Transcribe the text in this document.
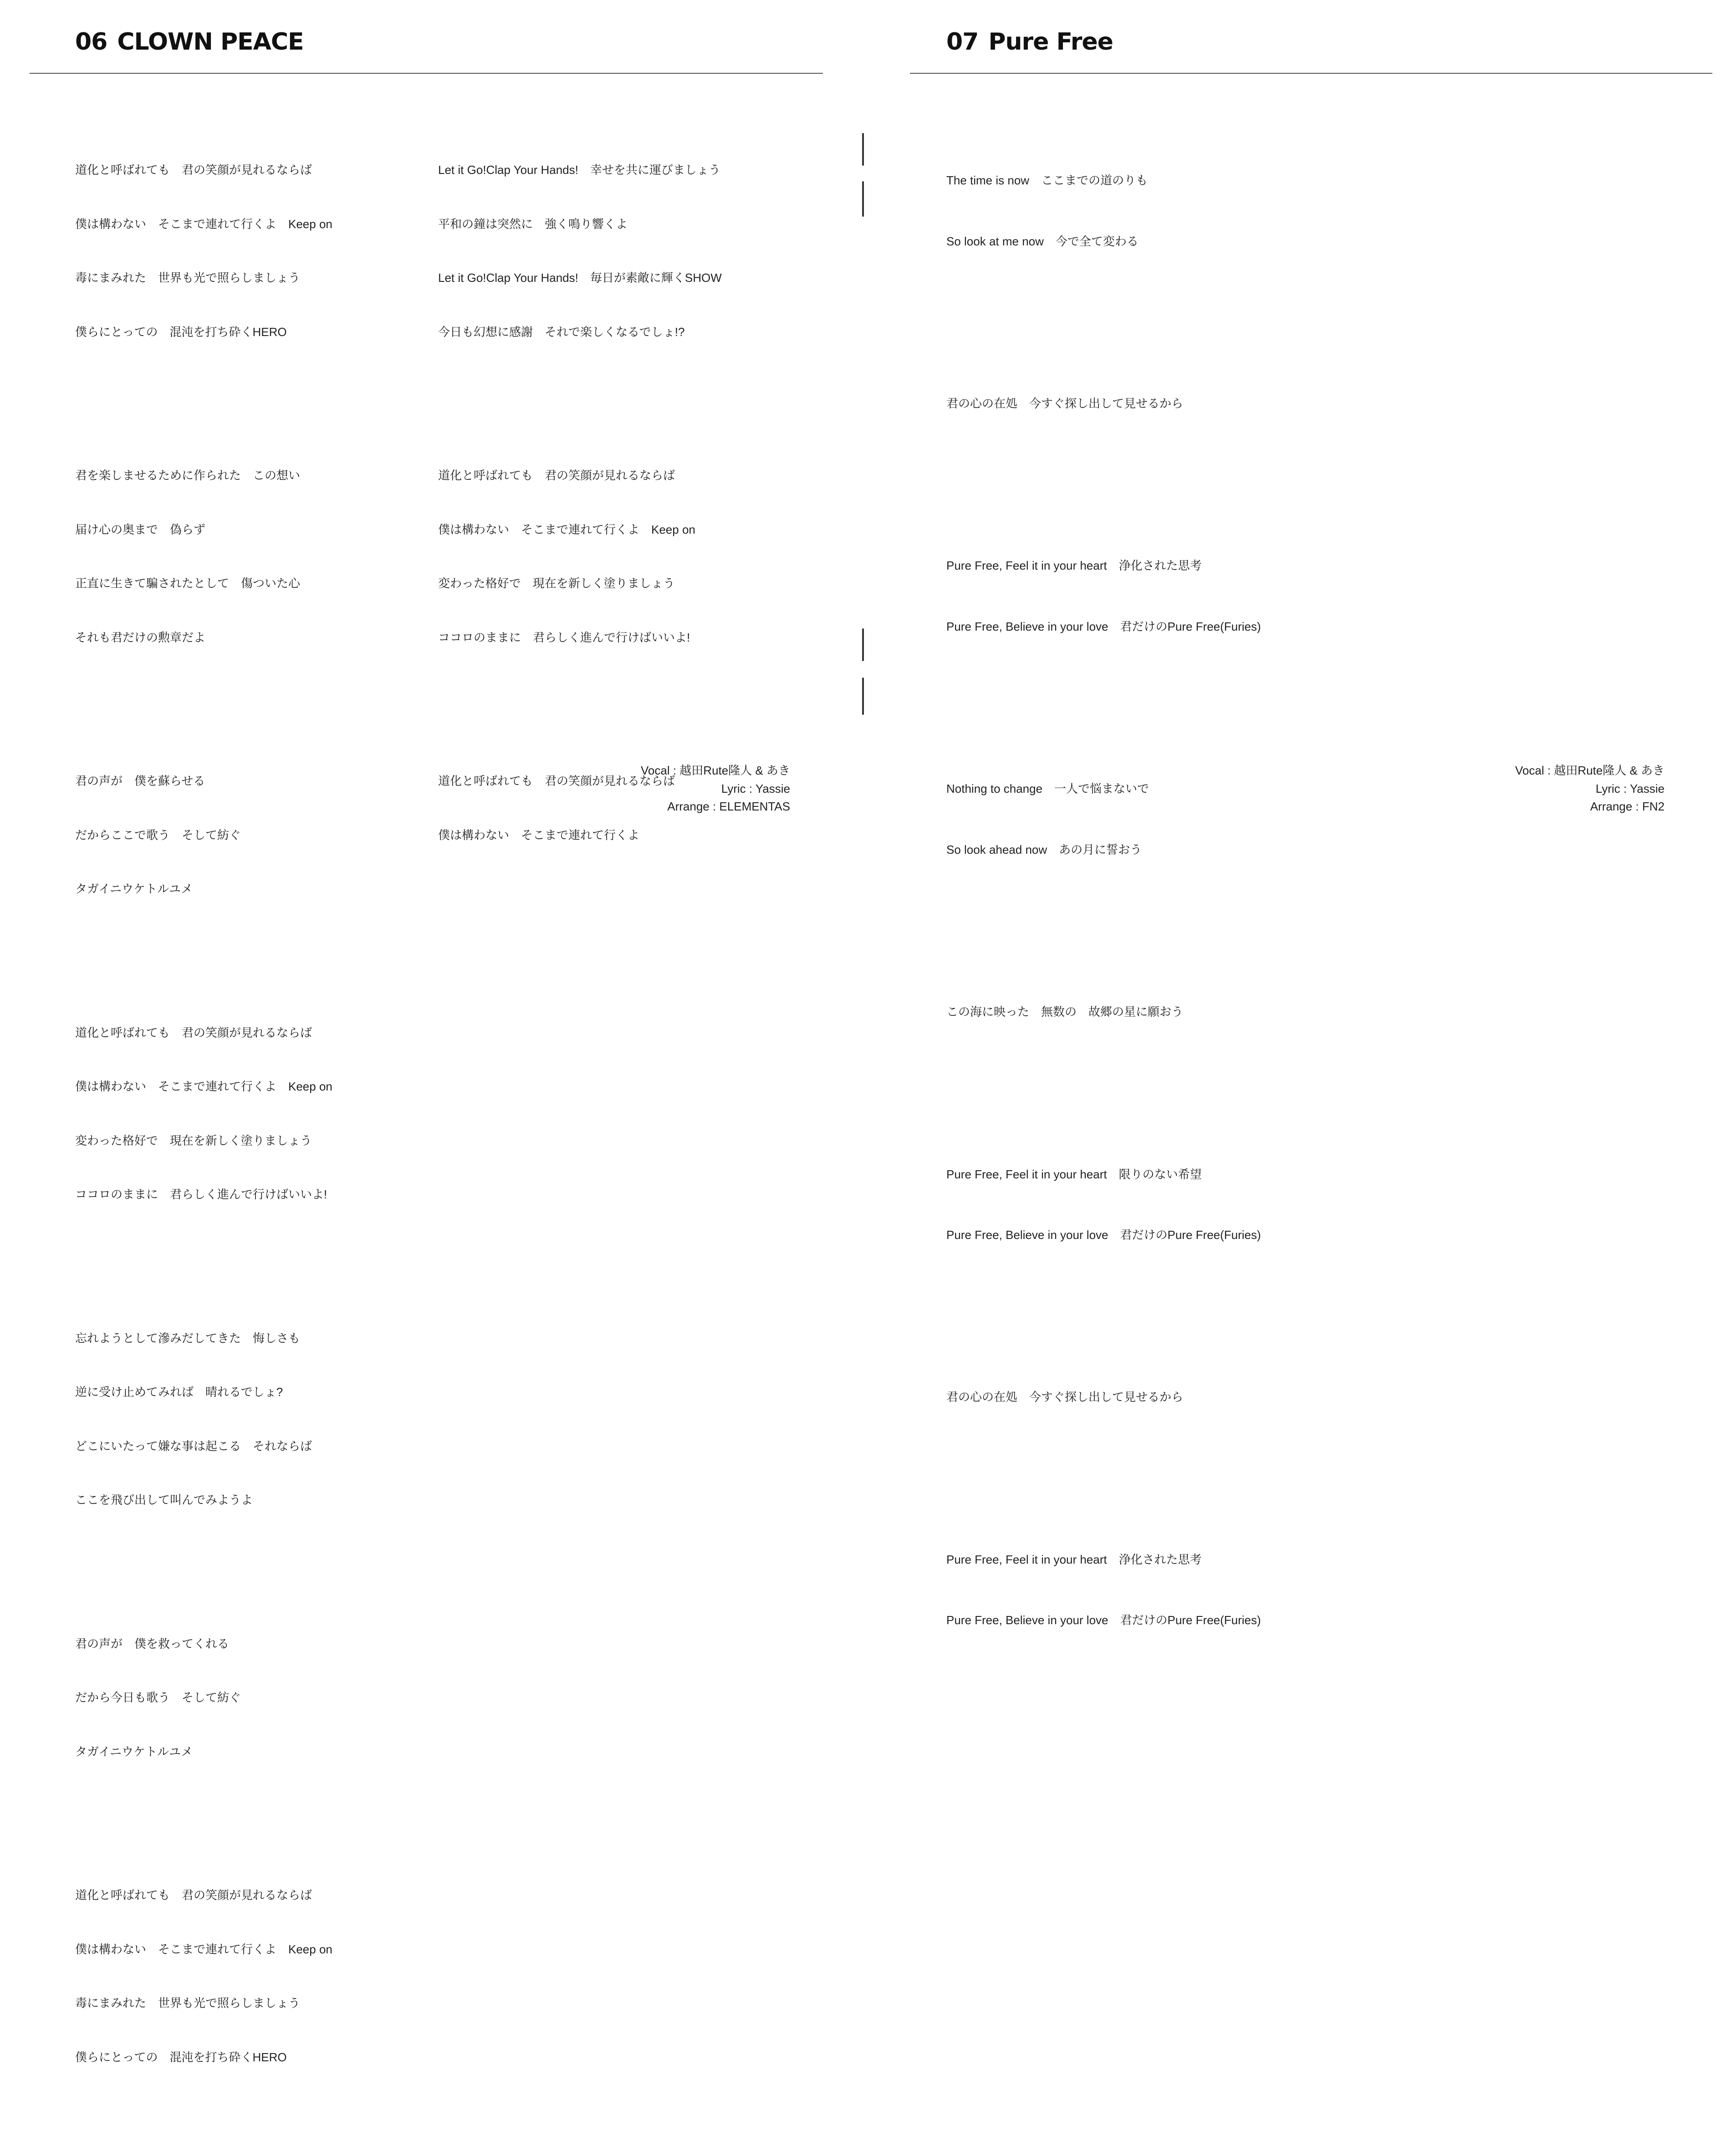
06 CLOWN PEACE

道化と呼ばれても　君の笑顔が見れるならば

僕は構わない　そこまで連れて行くよ　Keep on

毒にまみれた　世界も光で照らしましょう

僕らにとっての　混沌を打ち砕くHERO

君を楽しませるために作られた　この想い

届け心の奥まで　偽らず

正直に生きて騙されたとして　傷ついた心

それも君だけの勲章だよ

君の声が　僕を蘇らせる

だからここで歌う　そして紡ぐ

タガイニウケトルユメ

道化と呼ばれても　君の笑顔が見れるならば

僕は構わない　そこまで連れて行くよ　Keep on

変わった格好で　現在を新しく塗りましょう

ココロのままに　君らしく進んで行けばいいよ!

忘れようとして滲みだしてきた　悔しさも

逆に受け止めてみれば　晴れるでしょ?

どこにいたって嫌な事は起こる　それならば

ここを飛び出して叫んでみようよ

君の声が　僕を救ってくれる

だから今日も歌う　そして紡ぐ

タガイニウケトルユメ

道化と呼ばれても　君の笑顔が見れるならば

僕は構わない　そこまで連れて行くよ　Keep on

毒にまみれた　世界も光で照らしましょう

僕らにとっての　混沌を打ち砕くHERO

Let it Go!Clap Your Hands!　幸せを共に運びましょう

平和の鐘は突然に　強く鳴り響くよ

Let it Go!Clap Your Hands!　毎日が素敵に輝くSHOW

今日も幻想に感謝　それで楽しくなるでしょ!?

道化と呼ばれても　君の笑顔が見れるならば

僕は構わない　そこまで連れて行くよ　Keep on

変わった格好で　現在を新しく塗りましょう

ココロのままに　君らしく進んで行けばいいよ!

道化と呼ばれても　君の笑顔が見れるならば

僕は構わない　そこまで連れて行くよ

Vocal : 越田Rute隆人 & あき
Lyric : Yassie
Arrange : ELEMENTAS
07 Pure Free

The time is now　ここまでの道のりも

So look at me now　今で全て変わる

君の心の在処　今すぐ探し出して見せるから

Pure Free, Feel it in your heart　浄化された思考

Pure Free, Believe in your love　君だけのPure Free(Furies)

Nothing to change　一人で悩まないで

So look ahead now　あの月に誓おう

この海に映った　無数の　故郷の星に願おう

Pure Free, Feel it in your heart　限りのない希望

Pure Free, Believe in your love　君だけのPure Free(Furies)

君の心の在処　今すぐ探し出して見せるから

Pure Free, Feel it in your heart　浄化された思考

Pure Free, Believe in your love　君だけのPure Free(Furies)

Vocal : 越田Rute隆人 & あき
Lyric : Yassie
Arrange : FN2
